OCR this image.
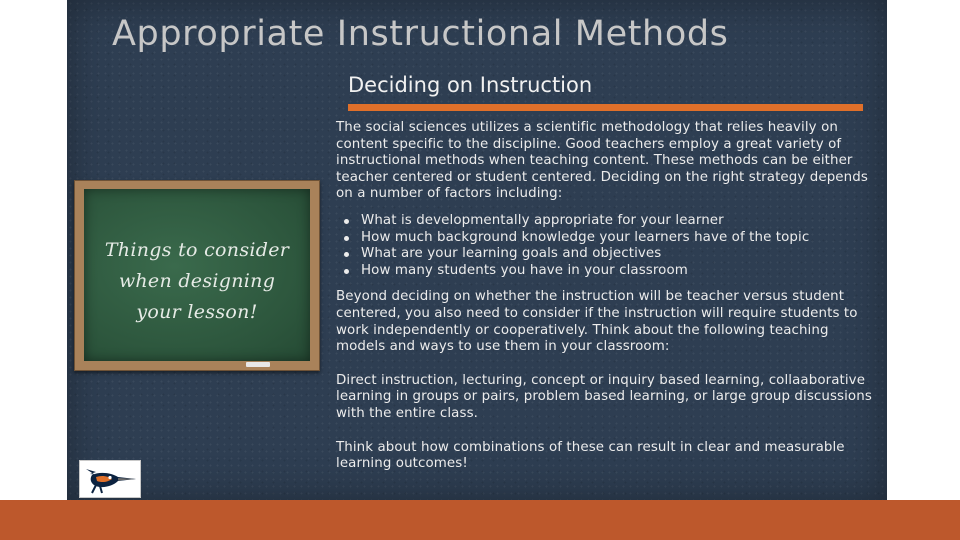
Appropriate Instructional Methods
Deciding on Instruction

The social sciences utilizes a scientific methodology that relies heavily on content specific to the discipline. Good teachers employ a great variety of instructional methods when teaching content. These methods can be either teacher centered or student centered. Deciding on the right strategy depends on a number of factors including:

What is developmentally appropriate for your learner
How much background knowledge your learners have of the topic
What are your learning goals and objectives
How many students you have in your classroom

Beyond deciding on whether the instruction will be teacher versus student centered, you also need to consider if the instruction will require students to work independently or cooperatively. Think about the following teaching models and ways to use them in your classroom:

Direct instruction, lecturing, concept or inquiry based learning, collaaborative learning in groups or pairs, problem based learning, or large group discussions with the entire class.

Think about how combinations of these can result in clear and measurable learning outcomes!

Things to consider
when designing
your lesson!
